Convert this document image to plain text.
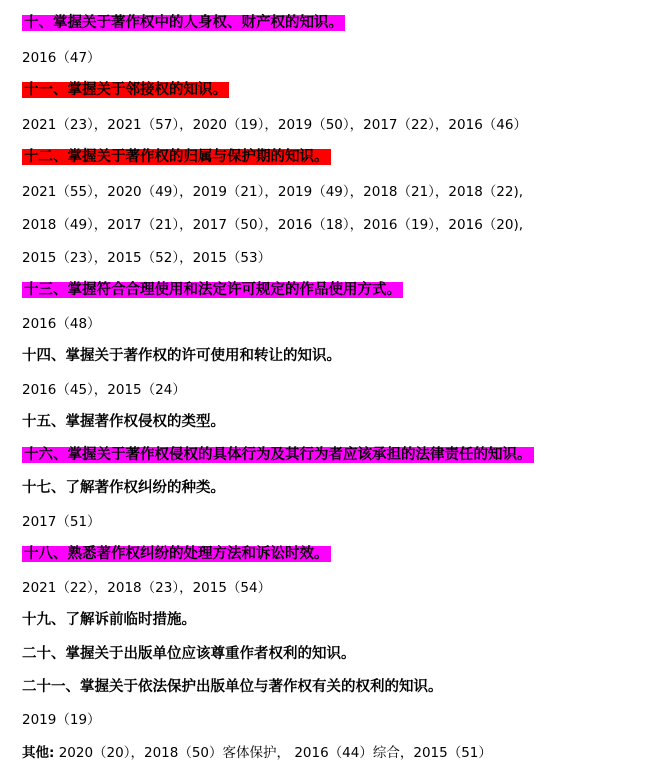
十、掌握关于著作权中的人身权、财产权的知识。
2016（47）
十一、掌握关于邻接权的知识。
2021（23），2021（57），2020（19），2019（50），2017（22），2016（46）
十二、掌握关于著作权的归属与保护期的知识。
2021（55），2020（49），2019（21），2019（49），2018（21），2018（22),
2018（49），2017（21），2017（50），2016（18），2016（19），2016（20),
2015（23），2015（52），2015（53）
十三、掌握符合合理使用和法定许可规定的作品使用方式。
2016（48）
十四、掌握关于著作权的许可使用和转让的知识。
2016（45），2015（24）
十五、掌握著作权侵权的类型。
十六、掌握关于著作权侵权的具体行为及其行为者应该承担的法律责任的知识。
十七、了解著作权纠纷的种类。
2017（51）
十八、熟悉著作权纠纷的处理方法和诉讼时效。
2021（22），2018（23），2015（54）
十九、了解诉前临时措施。
二十、掌握关于出版单位应该尊重作者权利的知识。
二十一、掌握关于依法保护出版单位与著作权有关的权利的知识。
2019（19）
其他: 2020（20），2018（50）客体保护， 2016（44）综合，2015（51）
